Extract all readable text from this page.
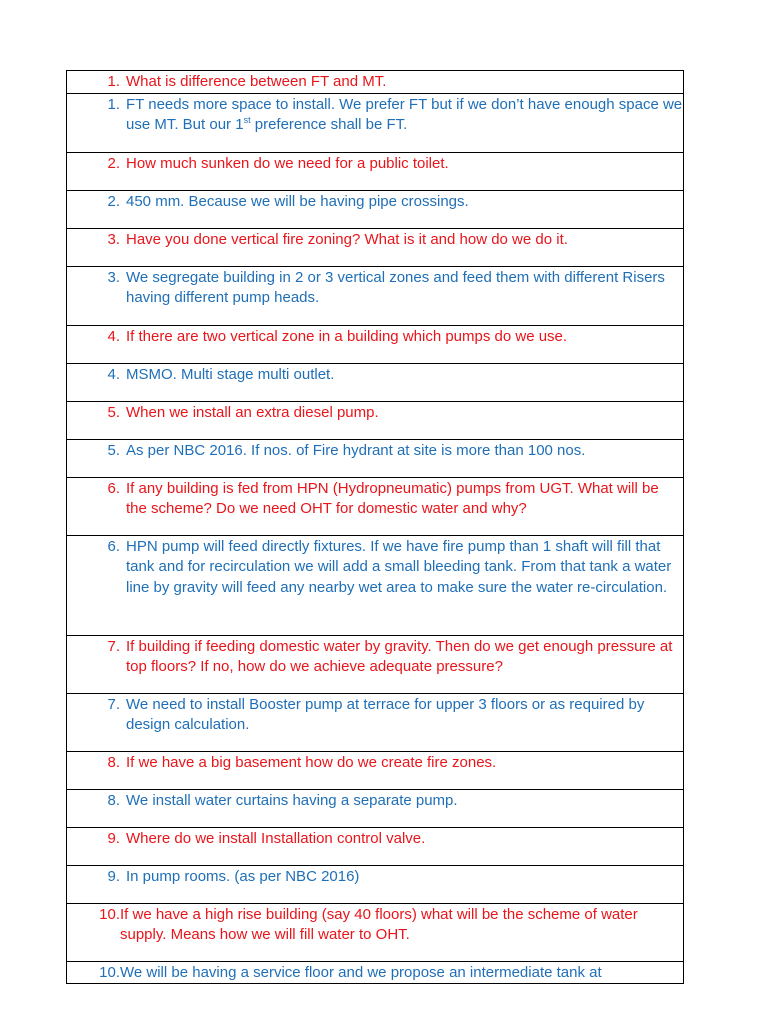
1. What is difference between FT and MT.

1. FT needs more space to install. We prefer FT but if we don’t have enough space we use MT. But our 1st preference shall be FT.

2. How much sunken do we need for a public toilet.

2. 450 mm. Because we will be having pipe crossings.

3. Have you done vertical fire zoning? What is it and how do we do it.

3. We segregate building in 2 or 3 vertical zones and feed them with different Risers having different pump heads.

4. If there are two vertical zone in a building which pumps do we use.

4. MSMO. Multi stage multi outlet.

5. When we install an extra diesel pump.

5. As per NBC 2016. If nos. of Fire hydrant at site is more than 100 nos.

6. If any building is fed from HPN (Hydropneumatic) pumps from UGT. What will be the scheme? Do we need OHT for domestic water and why?

6. HPN pump will feed directly fixtures. If we have fire pump than 1 shaft will fill that tank and for recirculation we will add a small bleeding tank. From that tank a water line by gravity will feed any nearby wet area to make sure the water re-circulation.

7. If building if feeding domestic water by gravity. Then do we get enough pressure at top floors? If no, how do we achieve adequate pressure?

7. We need to install Booster pump at terrace for upper 3 floors or as required by design calculation.

8. If we have a big basement how do we create fire zones.

8. We install water curtains having a separate pump.

9. Where do we install Installation control valve.

9. In pump rooms. (as per NBC 2016)

10. If we have a high rise building (say 40 floors) what will be the scheme of water supply. Means how we will fill water to OHT.

10. We will be having a service floor and we propose an intermediate tank at
